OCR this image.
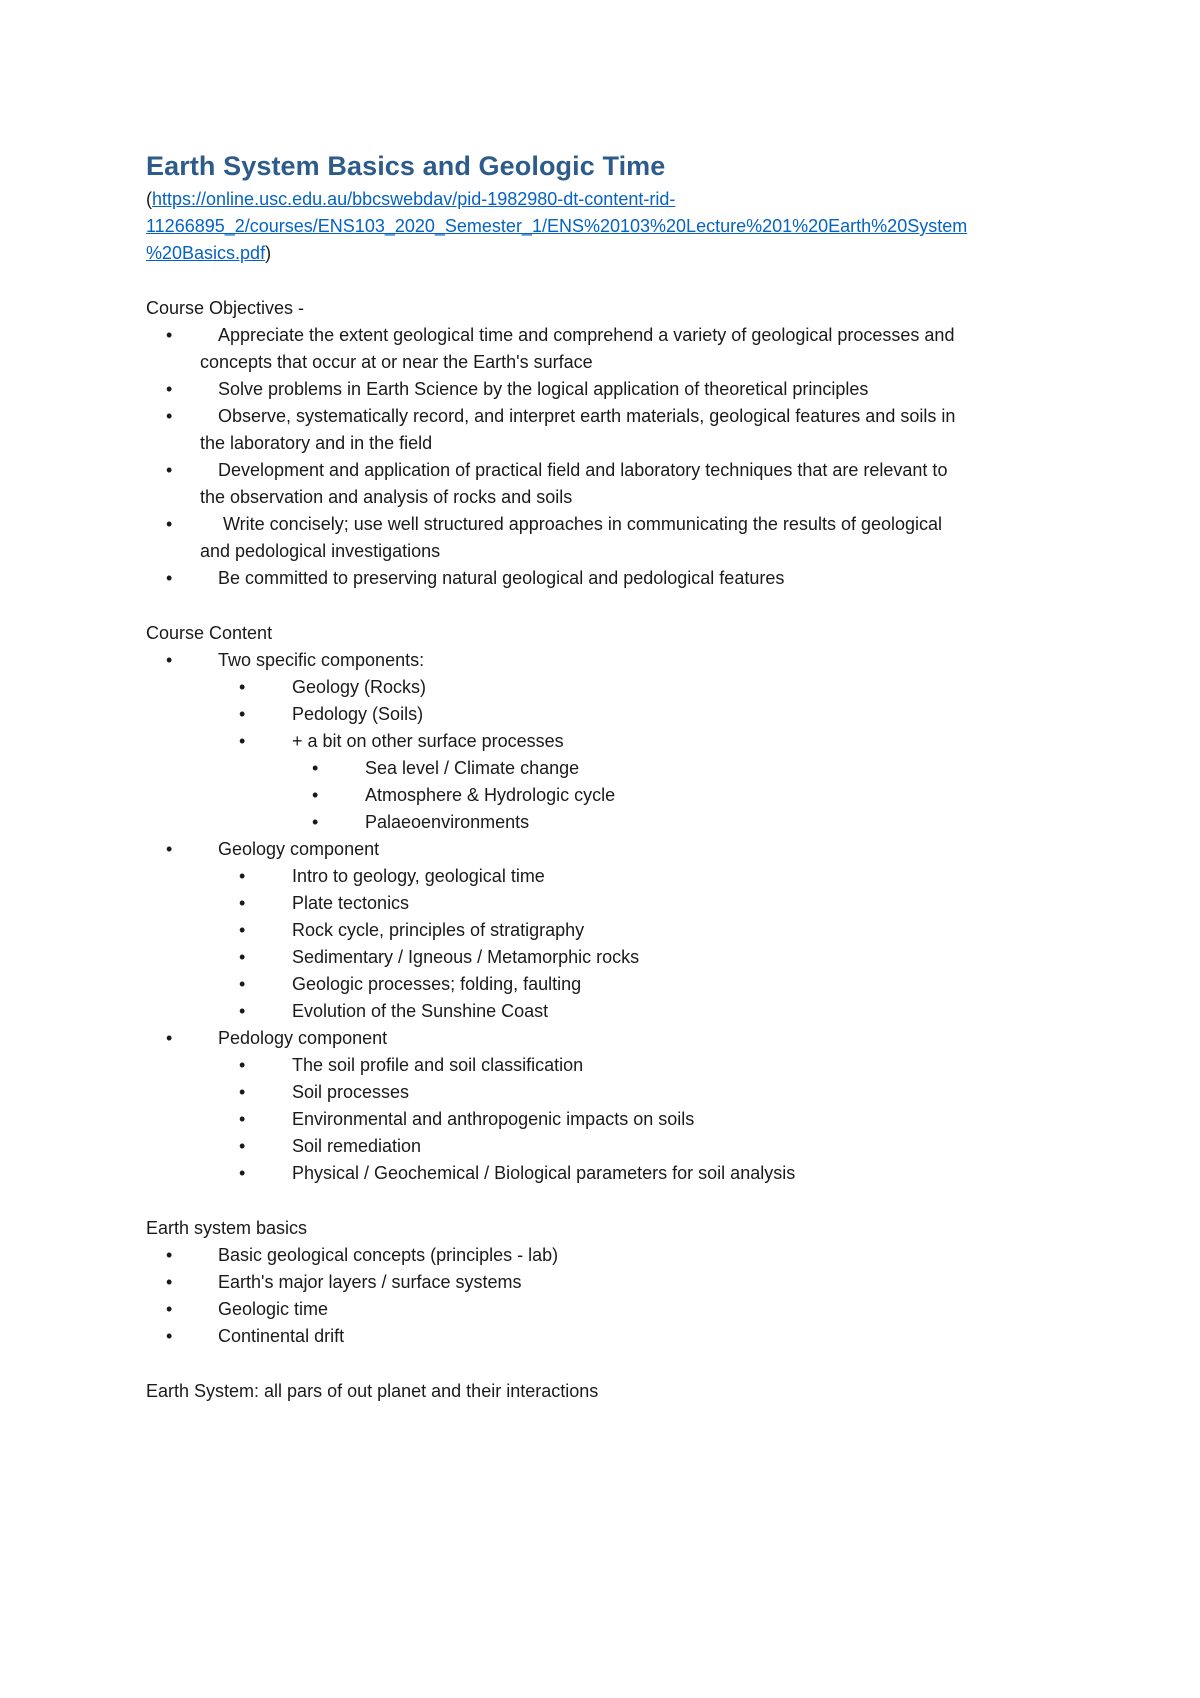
Earth System Basics and Geologic Time
(https://online.usc.edu.au/bbcswebdav/pid-1982980-dt-content-rid-
11266895_2/courses/ENS103_2020_Semester_1/ENS%20103%20Lecture%201%20Earth%20System
%20Basics.pdf)
Course Objectives -
•	Appreciate the extent geological time and comprehend a variety of geological processes and
concepts that occur at or near the Earth's surface
•	Solve problems in Earth Science by the logical application of theoretical principles
•	Observe, systematically record, and interpret earth materials, geological features and soils in
the laboratory and in the field
•	Development and application of practical field and laboratory techniques that are relevant to
the observation and analysis of rocks and soils
•	Write concisely; use well structured approaches in communicating the results of geological
and pedological investigations
•	Be committed to preserving natural geological and pedological features
Course Content
•	Two specific components:
•	Geology (Rocks)
•	Pedology (Soils)
•	+ a bit on other surface processes
•	Sea level / Climate change
•	Atmosphere & Hydrologic cycle
•	Palaeoenvironments
•	Geology component
•	Intro to geology, geological time
•	Plate tectonics
•	Rock cycle, principles of stratigraphy
•	Sedimentary / Igneous / Metamorphic rocks
•	Geologic processes; folding, faulting
•	Evolution of the Sunshine Coast
•	Pedology component
•	The soil profile and soil classification
•	Soil processes
•	Environmental and anthropogenic impacts on soils
•	Soil remediation
•	Physical / Geochemical / Biological parameters for soil analysis
Earth system basics
•	Basic geological concepts (principles - lab)
•	Earth's major layers / surface systems
•	Geologic time
•	Continental drift
Earth System: all pars of out planet and their interactions
